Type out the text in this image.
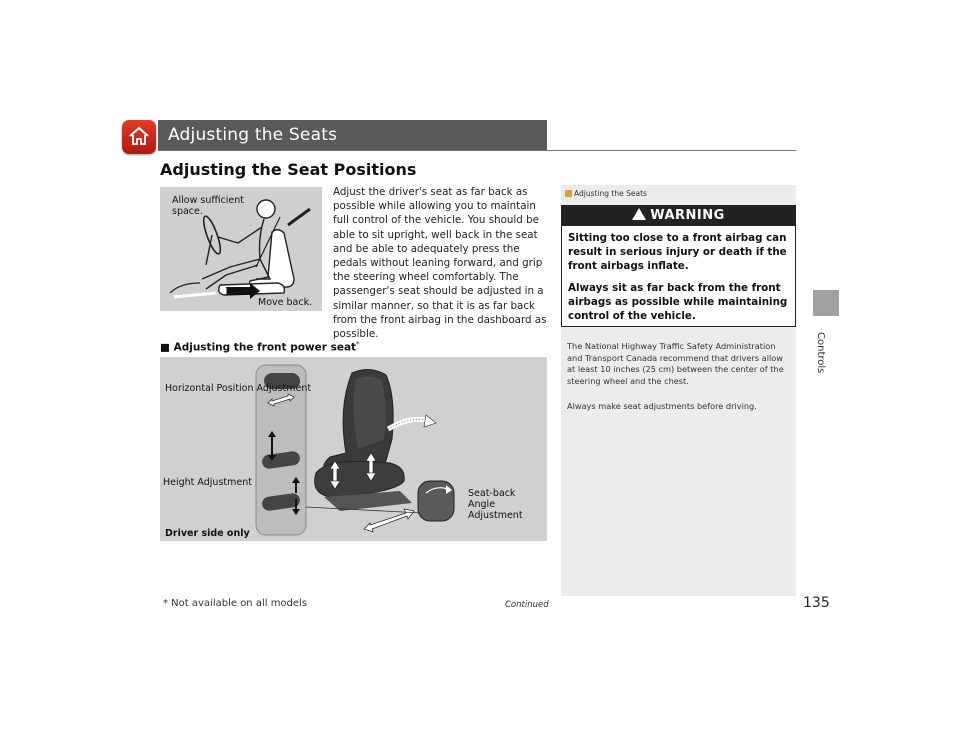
Adjusting the Seats
Adjusting the Seat Positions
Allow sufficient space.
Move back.
Adjust the driver's seat as far back as possible while allowing you to maintain full control of the vehicle. You should be able to sit upright, well back in the seat and be able to adequately press the pedals without leaning forward, and grip the steering wheel comfortably. The passenger's seat should be adjusted in a similar manner, so that it is as far back from the front airbag in the dashboard as possible.
■ Adjusting the front power seat*
Horizontal Position Adjustment
Height Adjustment
Driver side only
Seat-back Angle Adjustment
Adjusting the Seats
WARNING
Sitting too close to a front airbag can result in serious injury or death if the front airbags inflate.
Always sit as far back from the front airbags as possible while maintaining control of the vehicle.
The National Highway Traffic Safety Administration and Transport Canada recommend that drivers allow at least 10 inches (25 cm) between the center of the steering wheel and the chest.
Always make seat adjustments before driving.
Controls
* Not available on all models	Continued	135
